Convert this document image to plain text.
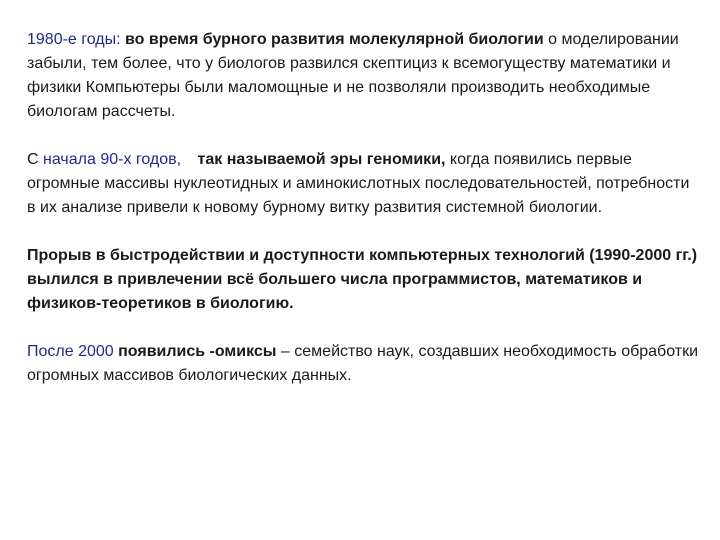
1980-е годы: во время бурного развития молекулярной биологии о моделировании забыли, тем более, что у биологов развился скептициз к всемогуществу математики и физики Компьютеры были маломощные и не позволяли производить необходимые биологам рассчеты.

С начала 90-х годов, так называемой эры геномики, когда появились первые огромные массивы нуклеотидных и аминокислотных последовательностей, потребности в их анализе привели к новому бурному витку развития системной биологии.

Прорыв в быстродействии и доступности компьютерных технологий (1990-2000 гг.) вылился в привлечении всё большего числа программистов, математиков и физиков-теоретиков в биологию.

После 2000 появились -омиксы – семейство наук, создавших необходимость обработки огромных массивов биологических данных.
